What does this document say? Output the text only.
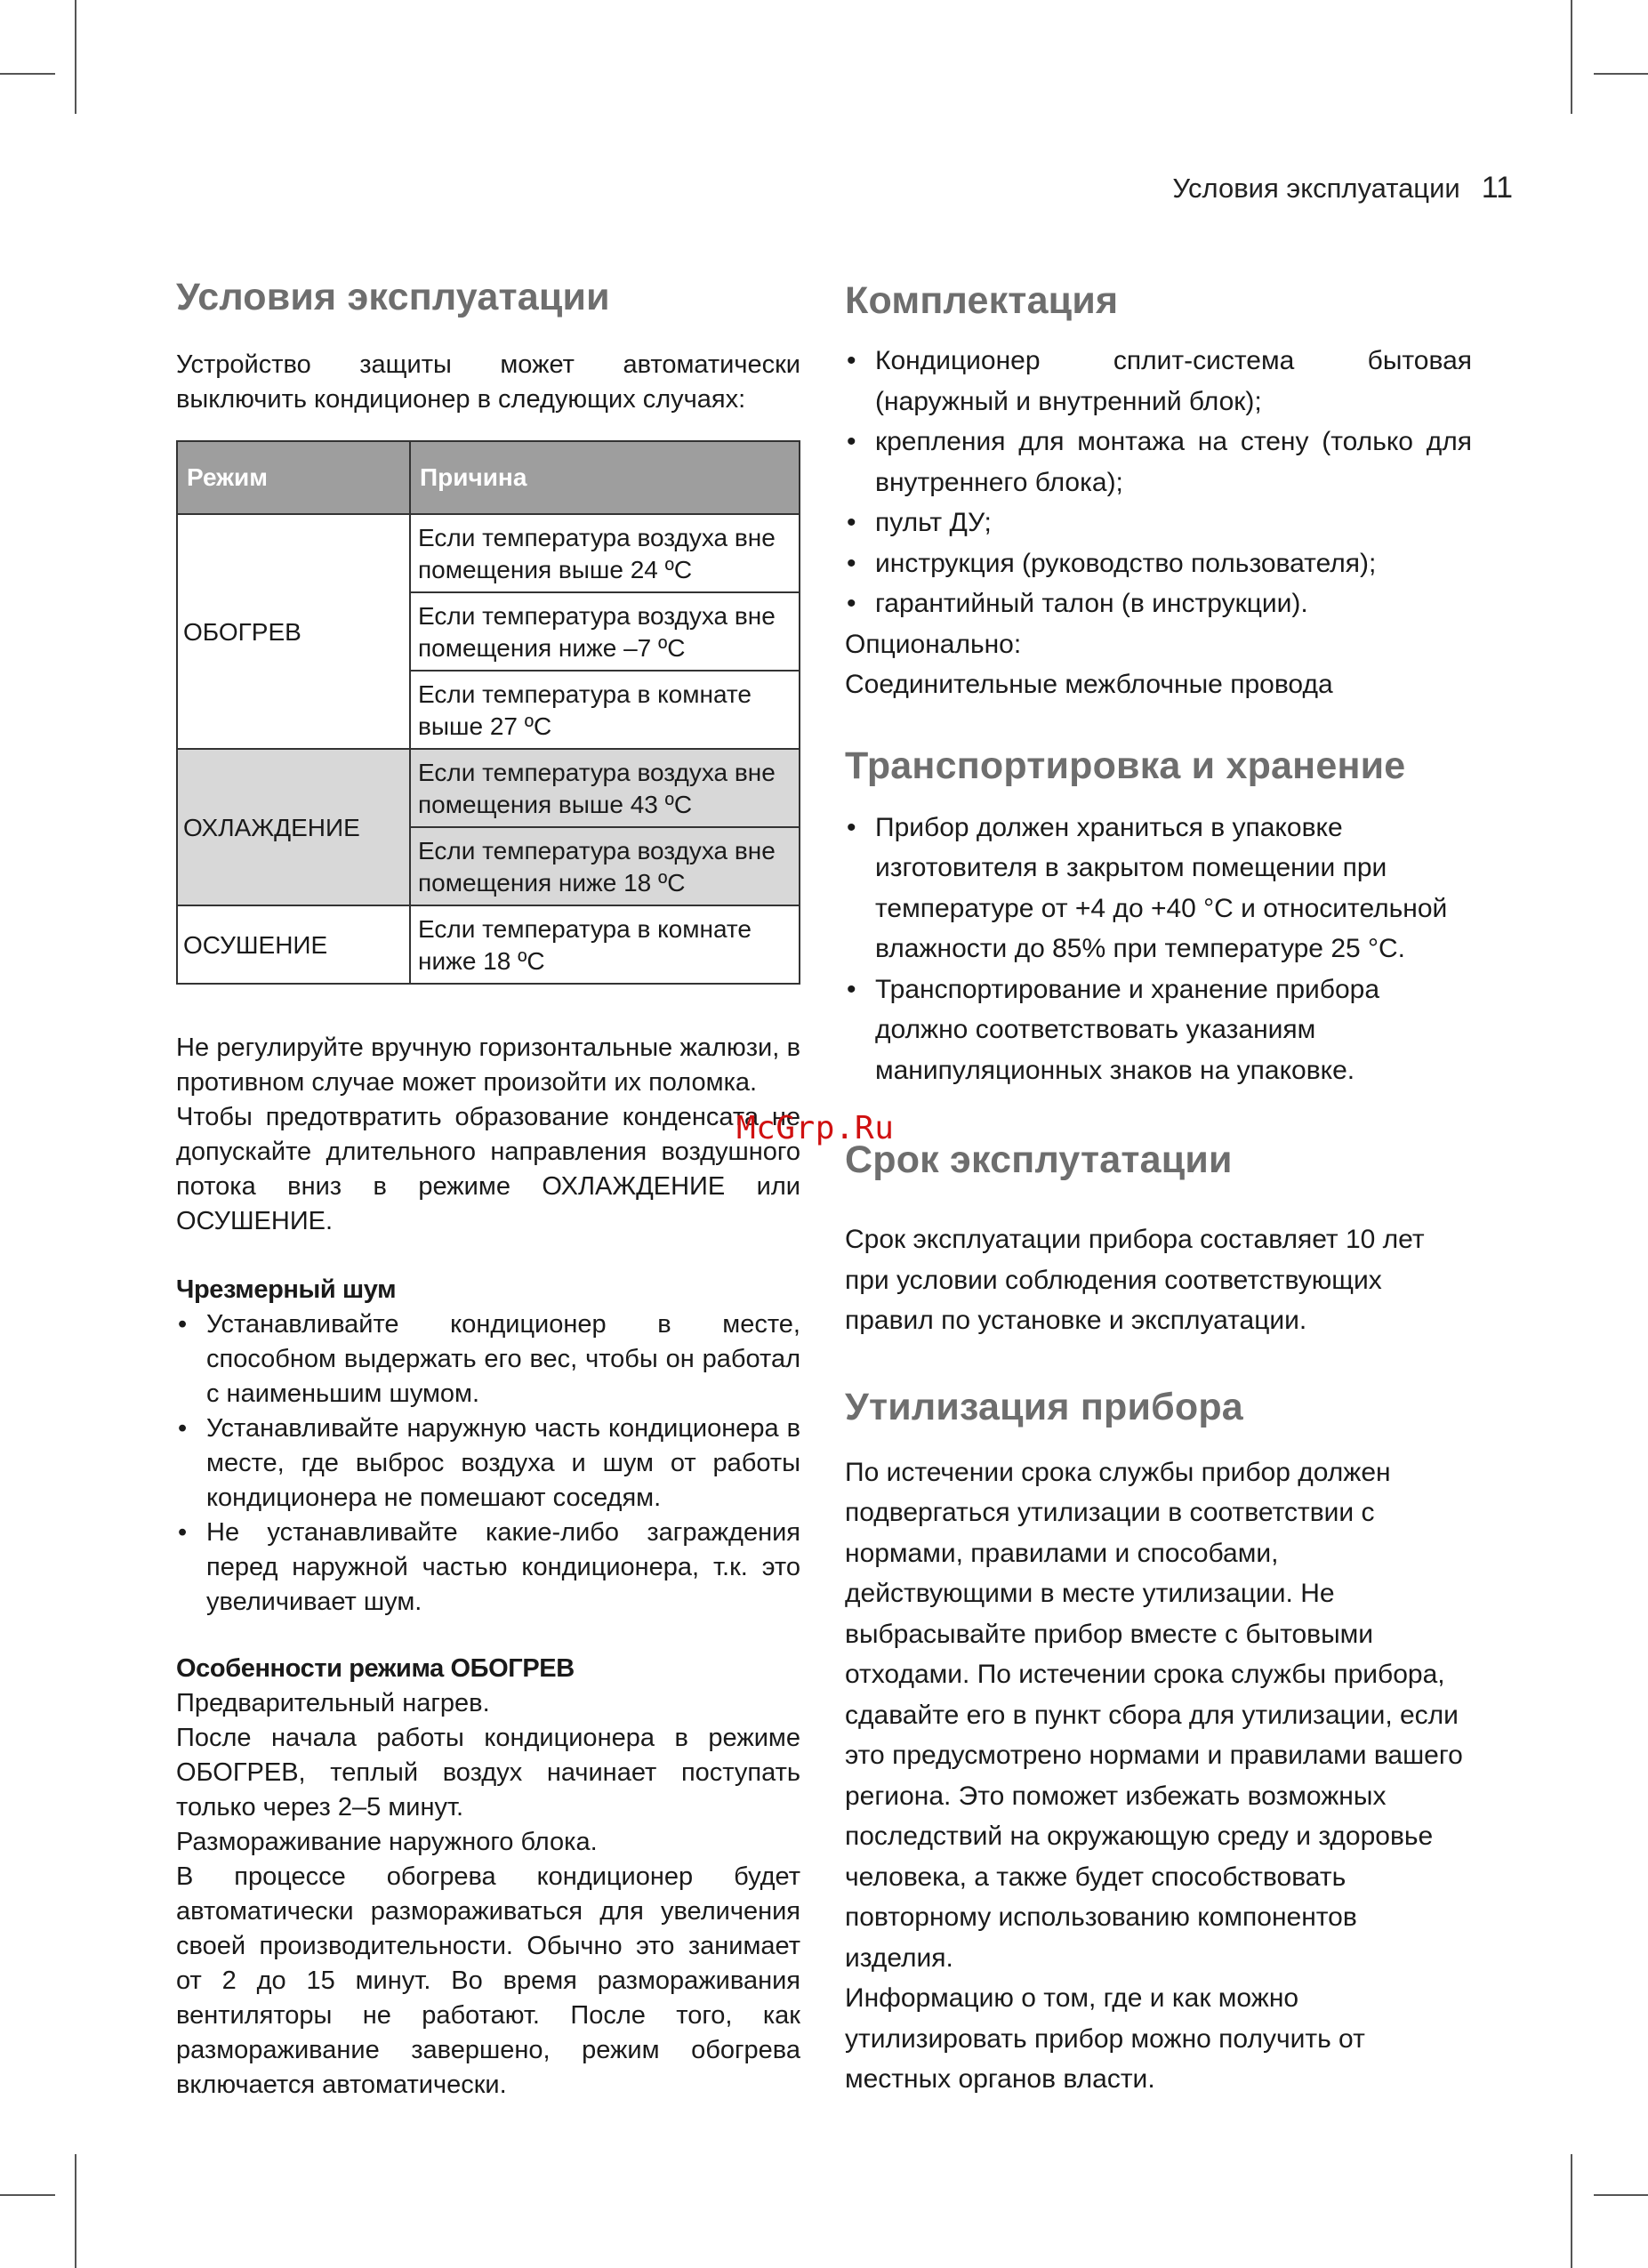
Условия эксплуатации 11
Условия эксплуатации

Устройство защиты может автоматически выключить кондиционер в следующих случаях:

Режим	Причина
ОБОГРЕВ	Если температура воздуха вне помещения выше 24 ºC
	Если температура воздуха вне помещения ниже –7 ºC
	Если температура в комнате выше 27 ºC
ОХЛАЖДЕНИЕ	Если температура воздуха вне помещения выше 43 ºC
	Если температура воздуха вне помещения ниже 18 ºC
ОСУШЕНИЕ	Если температура в комнате ниже 18 ºC

Не регулируйте вручную горизонтальные жалюзи, в противном случае может произойти их поломка.

Чтобы предотвратить образование конденсата не допускайте длительного направления воздушного потока вниз в режиме ОХЛАЖДЕНИЕ или ОСУШЕНИЕ.

Чрезмерный шум

• Устанавливайте кондиционер в месте, способном выдержать его вес, чтобы он работал с наименьшим шумом.
• Устанавливайте наружную часть кондиционера в месте, где выброс воздуха и шум от работы кондиционера не помешают соседям.
• Не устанавливайте какие-либо заграждения перед наружной частью кондиционера, т.к. это увеличивает шум.

Особенности режима ОБОГРЕВ

Предварительный нагрев.

После начала работы кондиционера в режиме ОБОГРЕВ, теплый воздух начинает поступать только через 2–5 минут.

Размораживание наружного блока.

В процессе обогрева кондиционер будет автоматически размораживаться для увеличения своей производительности. Обычно это занимает от 2 до 15 минут. Во время размораживания вентиляторы не работают. После того, как размораживание завершено, режим обогрева включается автоматически.

Комплектация
• Кондиционер сплит-система бытовая (наружный и внутренний блок);
• крепления для монтажа на стену (только для внутреннего блока);
• пульт ДУ;
• инструкция (руководство пользователя);
• гарантийный талон (в инструкции).

Опционально:

Соединительные межблочные провода

Транспортировка и хранение
• Прибор должен храниться в упаковке изготовителя в закрытом помещении при температуре от +4 до +40 °С и относительной влажности до 85% при температуре 25 °С.
• Транспортирование и хранение прибора должно соответствовать указаниям манипуляционных знаков на упаковке.
Срок эксплутатации

Срок эксплуатации прибора составляет 10 лет при условии соблюдения соответствующих правил по установке и эксплуатации.

Утилизация прибора

По истечении срока службы прибор должен подвергаться утилизации в соответствии с нормами, правилами и способами, действующими в месте утилизации. Не выбрасывайте прибор вместе с бытовыми отходами. По истечении срока службы прибора, сдавайте его в пункт сбора для утилизации, если это предусмотрено нормами и правилами вашего региона. Это поможет избежать возможных последствий на окружающую среду и здоровье человека, а также будет способствовать повторному использованию компонентов изделия.

Информацию о том, где и как можно утилизировать прибор можно получить от местных органов власти.

McGrp.Ru
